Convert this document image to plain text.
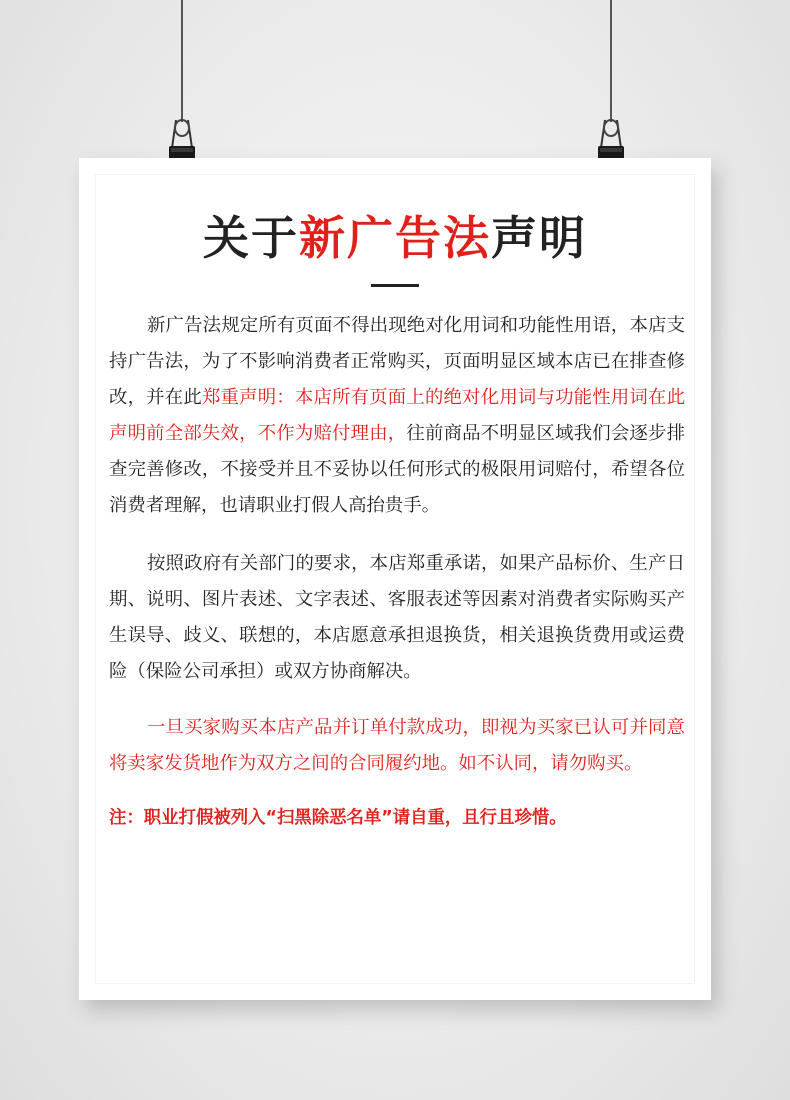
关于新广告法声明

新广告法规定所有页面不得出现绝对化用词和功能性用语，本店支持广告法，为了不影响消费者正常购买，页面明显区域本店已在排查修改，并在此郑重声明：本店所有页面上的绝对化用词与功能性用词在此声明前全部失效，不作为赔付理由，往前商品不明显区域我们会逐步排查完善修改，不接受并且不妥协以任何形式的极限用词赔付，希望各位消费者理解，也请职业打假人高抬贵手。

按照政府有关部门的要求，本店郑重承诺，如果产品标价、生产日期、说明、图片表述、文字表述、客服表述等因素对消费者实际购买产生误导、歧义、联想的，本店愿意承担退换货，相关退换货费用或运费险（保险公司承担）或双方协商解决。

一旦买家购买本店产品并订单付款成功，即视为买家已认可并同意将卖家发货地作为双方之间的合同履约地。如不认同，请勿购买。

注：职业打假被列入“扫黑除恶名单”请自重，且行且珍惜。
